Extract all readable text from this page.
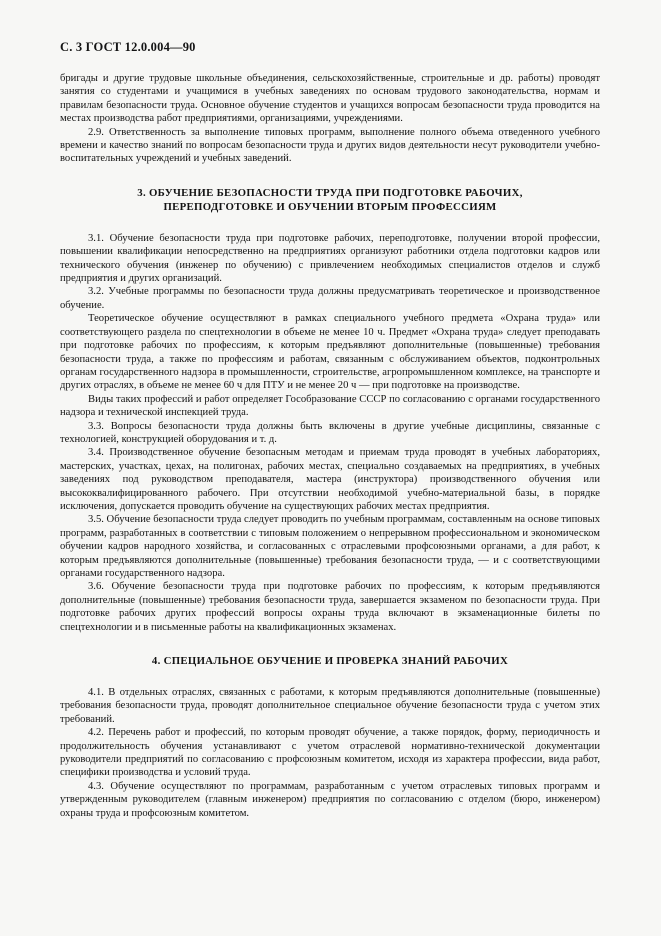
С. 3 ГОСТ 12.0.004—90

бригады и другие трудовые школьные объединения, сельскохозяйственные, строительные и др. работы) проводят занятия со студентами и учащимися в учебных заведениях по основам трудового законодательства, нормам и правилам безопасности труда. Основное обучение студентов и учащихся вопросам безопасности труда проводится на местах производства работ предприятиями, организациями, учреждениями.

2.9. Ответственность за выполнение типовых программ, выполнение полного объема отведенного учебного времени и качество знаний по вопросам безопасности труда и других видов деятельности несут руководители учебно-воспитательных учреждений и учебных заведений.

3. ОБУЧЕНИЕ БЕЗОПАСНОСТИ ТРУДА ПРИ ПОДГОТОВКЕ РАБОЧИХ,
ПЕРЕПОДГОТОВКЕ И ОБУЧЕНИИ ВТОРЫМ ПРОФЕССИЯМ

3.1. Обучение безопасности труда при подготовке рабочих, переподготовке, получении второй профессии, повышении квалификации непосредственно на предприятиях организуют работники отдела подготовки кадров или технического обучения (инженер по обучению) с привлечением необходимых специалистов отделов и служб предприятия и других организаций.

3.2. Учебные программы по безопасности труда должны предусматривать теоретическое и производственное обучение.

Теоретическое обучение осуществляют в рамках специального учебного предмета «Охрана труда» или соответствующего раздела по спецтехнологии в объеме не менее 10 ч. Предмет «Охрана труда» следует преподавать при подготовке рабочих по профессиям, к которым предъявляют дополнительные (повышенные) требования безопасности труда, а также по профессиям и работам, связанным с обслуживанием объектов, подконтрольных органам государственного надзора в промышленности, строительстве, агропромышленном комплексе, на транспорте и других отраслях, в объеме не менее 60 ч для ПТУ и не менее 20 ч — при подготовке на производстве.

Виды таких профессий и работ определяет Гособразование СССР по согласованию с органами государственного надзора и технической инспекцией труда.

3.3. Вопросы безопасности труда должны быть включены в другие учебные дисциплины, связанные с технологией, конструкцией оборудования и т. д.

3.4. Производственное обучение безопасным методам и приемам труда проводят в учебных лабораториях, мастерских, участках, цехах, на полигонах, рабочих местах, специально создаваемых на предприятиях, в учебных заведениях под руководством преподавателя, мастера (инструктора) производственного обучения или высококвалифицированного рабочего. При отсутствии необходимой учебно-материальной базы, в порядке исключения, допускается проводить обучение на существующих рабочих местах предприятия.

3.5. Обучение безопасности труда следует проводить по учебным программам, составленным на основе типовых программ, разработанных в соответствии с типовым положением о непрерывном профессиональном и экономическом обучении кадров народного хозяйства, и согласованных с отраслевыми профсоюзными органами, а для работ, к которым предъявляются дополнительные (повышенные) требования безопасности труда, — и с соответствующими органами государственного надзора.

3.6. Обучение безопасности труда при подготовке рабочих по профессиям, к которым предъявляются дополнительные (повышенные) требования безопасности труда, завершается экзаменом по безопасности труда. При подготовке рабочих других профессий вопросы охраны труда включают в экзаменационные билеты по спецтехнологии и в письменные работы на квалификационных экзаменах.

4. СПЕЦИАЛЬНОЕ ОБУЧЕНИЕ И ПРОВЕРКА ЗНАНИЙ РАБОЧИХ

4.1. В отдельных отраслях, связанных с работами, к которым предъявляются дополнительные (повышенные) требования безопасности труда, проводят дополнительное специальное обучение безопасности труда с учетом этих требований.

4.2. Перечень работ и профессий, по которым проводят обучение, а также порядок, форму, периодичность и продолжительность обучения устанавливают с учетом отраслевой нормативно-технической документации руководители предприятий по согласованию с профсоюзным комитетом, исходя из характера профессии, вида работ, специфики производства и условий труда.

4.3. Обучение осуществляют по программам, разработанным с учетом отраслевых типовых программ и утвержденным руководителем (главным инженером) предприятия по согласованию с отделом (бюро, инженером) охраны труда и профсоюзным комитетом.
